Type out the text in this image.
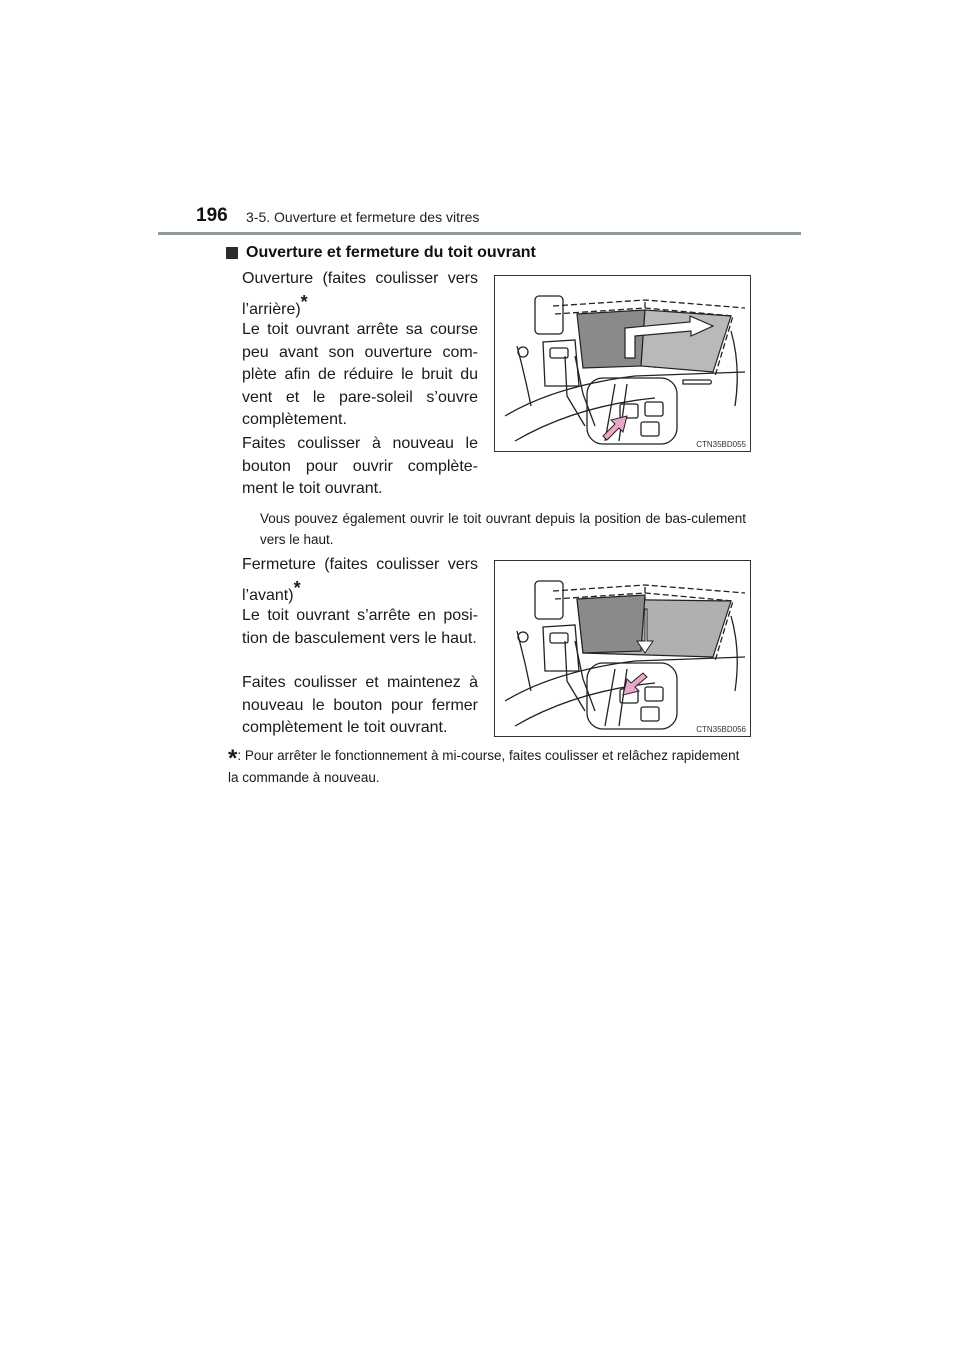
196 3-5. Ouverture et fermeture des vitres
Ouverture et fermeture du toit ouvrant
Ouverture (faites coulisser vers l’arrière)*
Le toit ouvrant arrête sa course peu avant son ouverture com-plète afin de réduire le bruit du vent et le pare-soleil s’ouvre complètement.
Faites coulisser à nouveau le bouton pour ouvrir complète-ment le toit ouvrant.
Vous pouvez également ouvrir le toit ouvrant depuis la position de bas-culement vers le haut.
CTN35BD055
Fermeture (faites coulisser vers l’avant)*
Le toit ouvrant s’arrête en posi-tion de basculement vers le haut.
Faites coulisser et maintenez à nouveau le bouton pour fermer complètement le toit ouvrant.	CTN35BD056
*: Pour arrêter le fonctionnement à mi-course, faites coulisser et relâchez rapidement la commande à nouveau.
